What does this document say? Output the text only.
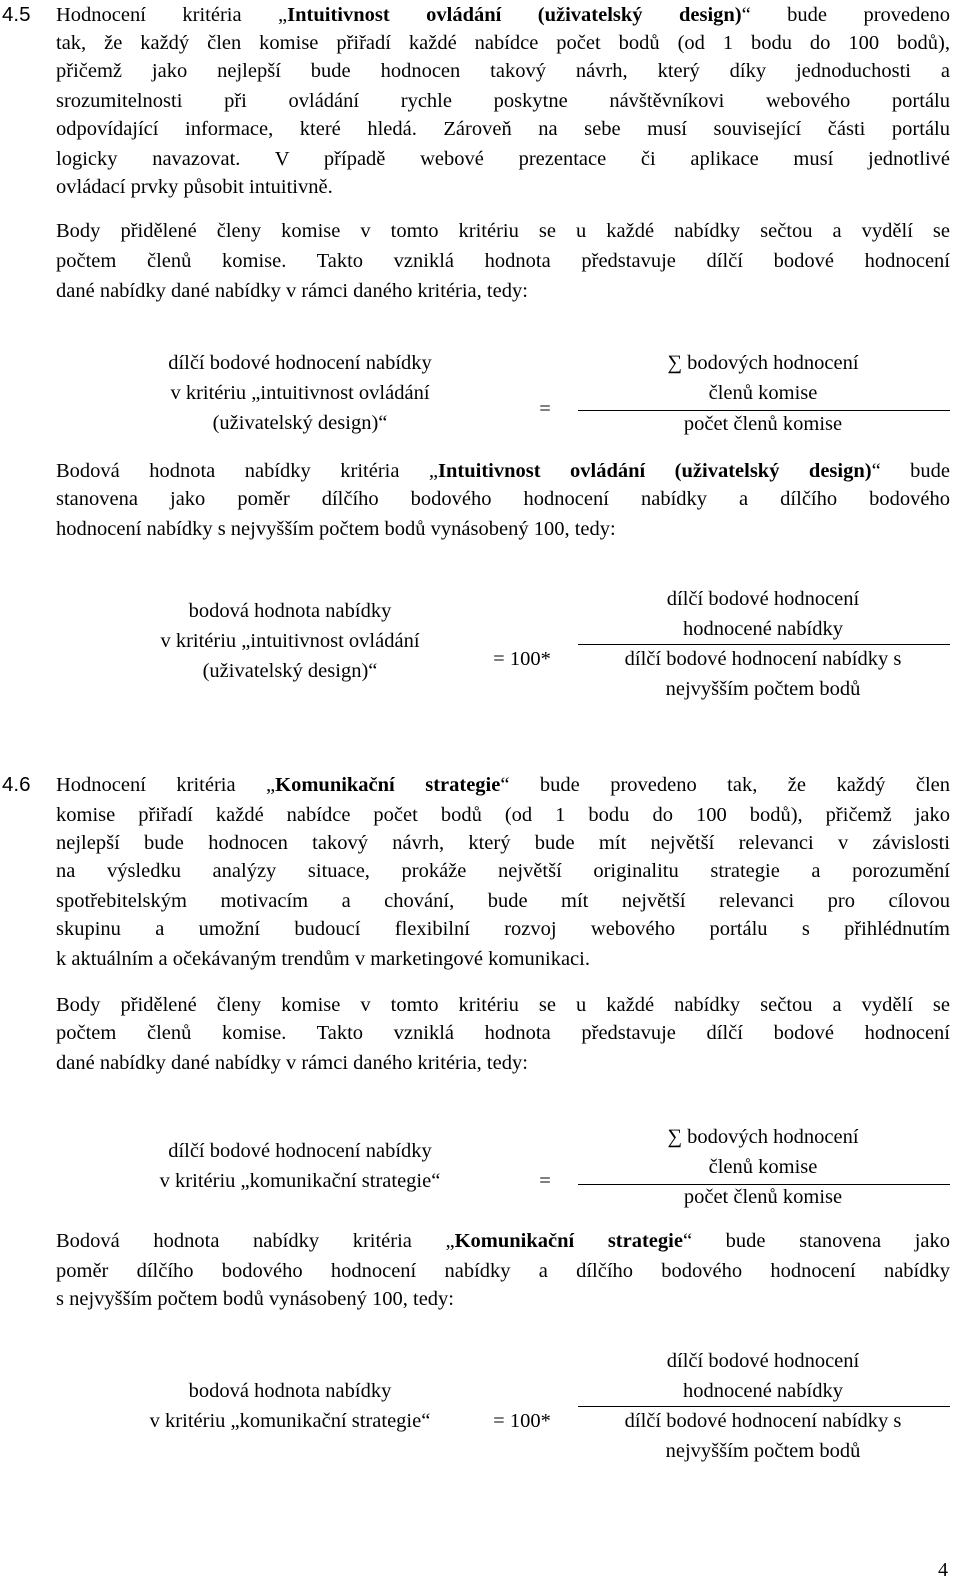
4.5 Hodnocení kritéria „Intuitivnost ovládání (uživatelský design)“ bude provedeno
tak, že každý člen komise přiřadí každé nabídce počet bodů (od 1 bodu do 100 bodů),
přičemž jako nejlepší bude hodnocen takový návrh, který díky jednoduchosti a
srozumitelnosti při ovládání rychle poskytne návštěvníkovi webového portálu
odpovídající informace, které hledá. Zároveň na sebe musí související části portálu
logicky navazovat. V případě webové prezentace či aplikace musí jednotlivé
ovládací prvky působit intuitivně.
Body přidělené členy komise v tomto kritériu se u každé nabídky sečtou a vydělí se
počtem členů komise. Takto vzniklá hodnota představuje dílčí bodové hodnocení
dané nabídky dané nabídky v rámci daného kritéria, tedy:
dílčí bodové hodnocení nabídky
v kritériu „intuitivnost ovládání
(uživatelský design)“
=
∑ bodových hodnocení
členů komise
počet členů komise
Bodová hodnota nabídky kritéria „Intuitivnost ovládání (uživatelský design)“ bude
stanovena jako poměr dílčího bodového hodnocení nabídky a dílčího bodového
hodnocení nabídky s nejvyšším počtem bodů vynásobený 100, tedy:
bodová hodnota nabídky
v kritériu „intuitivnost ovládání
(uživatelský design)“
= 100*
dílčí bodové hodnocení
hodnocené nabídky
dílčí bodové hodnocení nabídky s
nejvyšším počtem bodů
4.6 Hodnocení kritéria „Komunikační strategie“ bude provedeno tak, že každý člen
komise přiřadí každé nabídce počet bodů (od 1 bodu do 100 bodů), přičemž jako
nejlepší bude hodnocen takový návrh, který bude mít největší relevanci v závislosti
na výsledku analýzy situace, prokáže největší originalitu strategie a porozumění
spotřebitelským motivacím a chování, bude mít největší relevanci pro cílovou
skupinu a umožní budoucí flexibilní rozvoj webového portálu s přihlédnutím
k aktuálním a očekávaným trendům v marketingové komunikaci.
Body přidělené členy komise v tomto kritériu se u každé nabídky sečtou a vydělí se
počtem členů komise. Takto vzniklá hodnota představuje dílčí bodové hodnocení
dané nabídky dané nabídky v rámci daného kritéria, tedy:
dílčí bodové hodnocení nabídky
v kritériu „komunikační strategie“	=
∑ bodových hodnocení
členů komise
počet členů komise
Bodová hodnota nabídky kritéria „Komunikační strategie“ bude stanovena jako
poměr dílčího bodového hodnocení nabídky a dílčího bodového hodnocení nabídky
s nejvyšším počtem bodů vynásobený 100, tedy:
bodová hodnota nabídky
v kritériu „komunikační strategie“	= 100*
dílčí bodové hodnocení
hodnocené nabídky
dílčí bodové hodnocení nabídky s
nejvyšším počtem bodů
4
